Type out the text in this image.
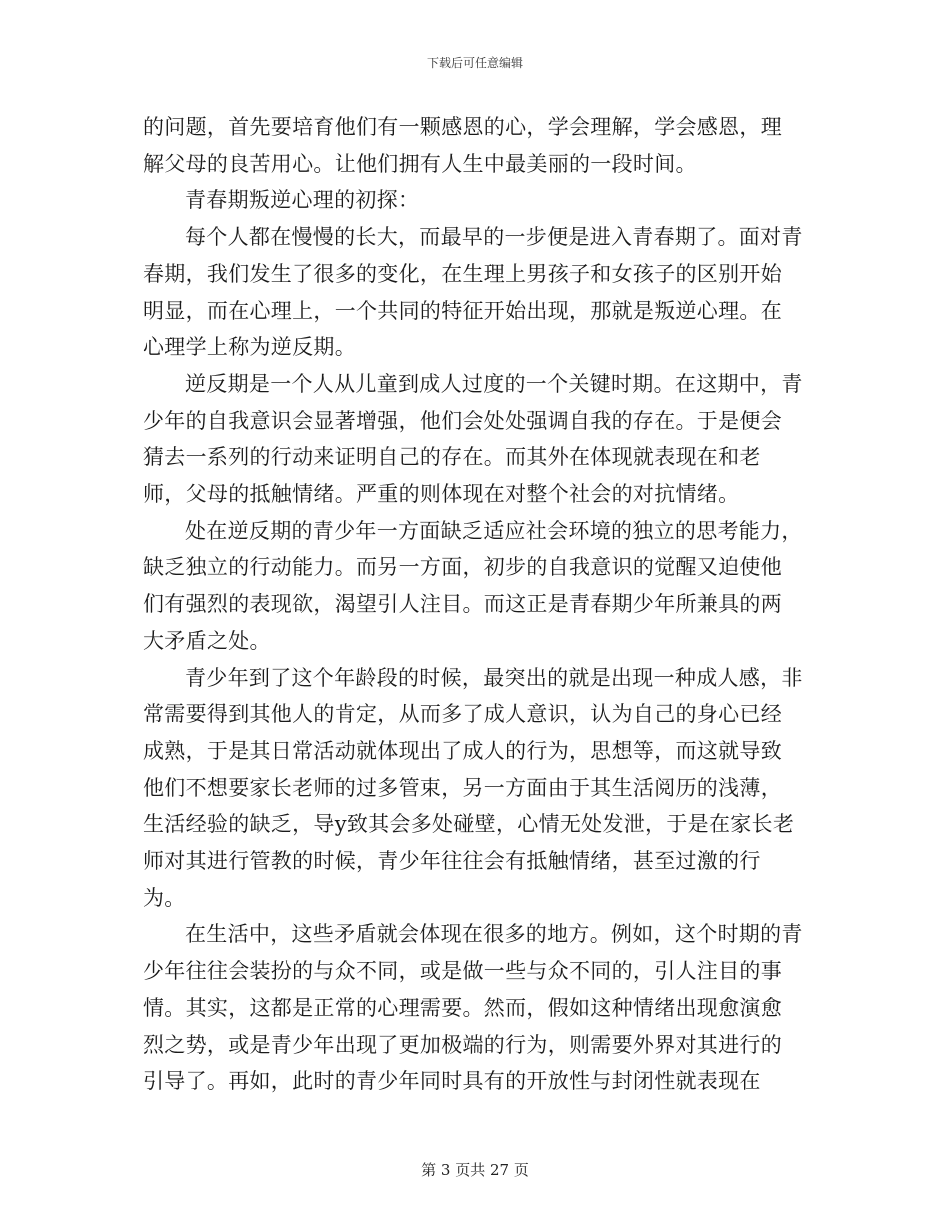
下载后可任意编辑

的问题，首先要培育他们有一颗感恩的心，学会理解，学会感恩，理解父母的良苦用心。让他们拥有人生中最美丽的一段时间。

青春期叛逆心理的初探：

每个人都在慢慢的长大，而最早的一步便是进入青春期了。面对青春期，我们发生了很多的变化，在生理上男孩子和女孩子的区别开始明显，而在心理上，一个共同的特征开始出现，那就是叛逆心理。在心理学上称为逆反期。

逆反期是一个人从儿童到成人过度的一个关键时期。在这期中，青少年的自我意识会显著增强，他们会处处强调自我的存在。于是便会猜去一系列的行动来证明自己的存在。而其外在体现就表现在和老师，父母的抵触情绪。严重的则体现在对整个社会的对抗情绪。

处在逆反期的青少年一方面缺乏适应社会环境的独立的思考能力，缺乏独立的行动能力。而另一方面，初步的自我意识的觉醒又迫使他们有强烈的表现欲，渴望引人注目。而这正是青春期少年所兼具的两大矛盾之处。

青少年到了这个年龄段的时候，最突出的就是出现一种成人感，非常需要得到其他人的肯定，从而多了成人意识，认为自己的身心已经成熟，于是其日常活动就体现出了成人的行为，思想等，而这就导致他们不想要家长老师的过多管束，另一方面由于其生活阅历的浅薄，生活经验的缺乏，导y致其会多处碰壁，心情无处发泄，于是在家长老师对其进行管教的时候，青少年往往会有抵触情绪，甚至过激的行为。

在生活中，这些矛盾就会体现在很多的地方。例如，这个时期的青少年往往会装扮的与众不同，或是做一些与众不同的，引人注目的事情。其实，这都是正常的心理需要。然而，假如这种情绪出现愈演愈烈之势，或是青少年出现了更加极端的行为，则需要外界对其进行的引导了。再如，此时的青少年同时具有的开放性与封闭性就表现在

第 3 页共 27 页
